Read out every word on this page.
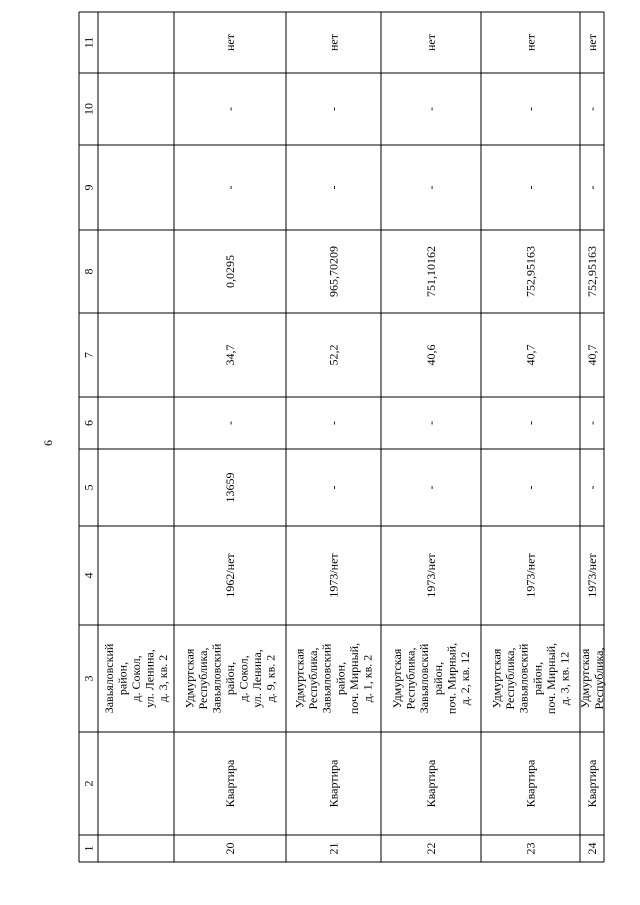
6
1
2
3
4
5
6
7
8
9
10
11
Завьяловскийрайон,д. Сокол,ул. Ленина,д. 3, кв. 2
нет
-
-
0,0295
34,7
-
13659
1962/нет
УдмуртскаяРеспублика,Завьяловскийрайон,д. Сокол,ул. Ленина,д. 9, кв. 2
Квартира
20
нет
-
-
965,70209
52,2
-
-
1973/нет
УдмуртскаяРеспублика,Завьяловскийрайон,поч. Мирный,д. 1, кв. 2
Квартира
21
нет
-
-
751,10162
40,6
-
-
1973/нет
УдмуртскаяРеспублика,Завьяловскийрайон,поч. Мирный,д. 2, кв. 12
Квартира
22
нет
-
-
752,95163
40,7
-
-
1973/нет
УдмуртскаяРеспублика,Завьяловскийрайон,поч. Мирный,д. 3, кв. 12
Квартира
23
нет
-
-
752,95163
40,7
-
-
1973/нет
УдмуртскаяРеспублика,
Квартира
24
